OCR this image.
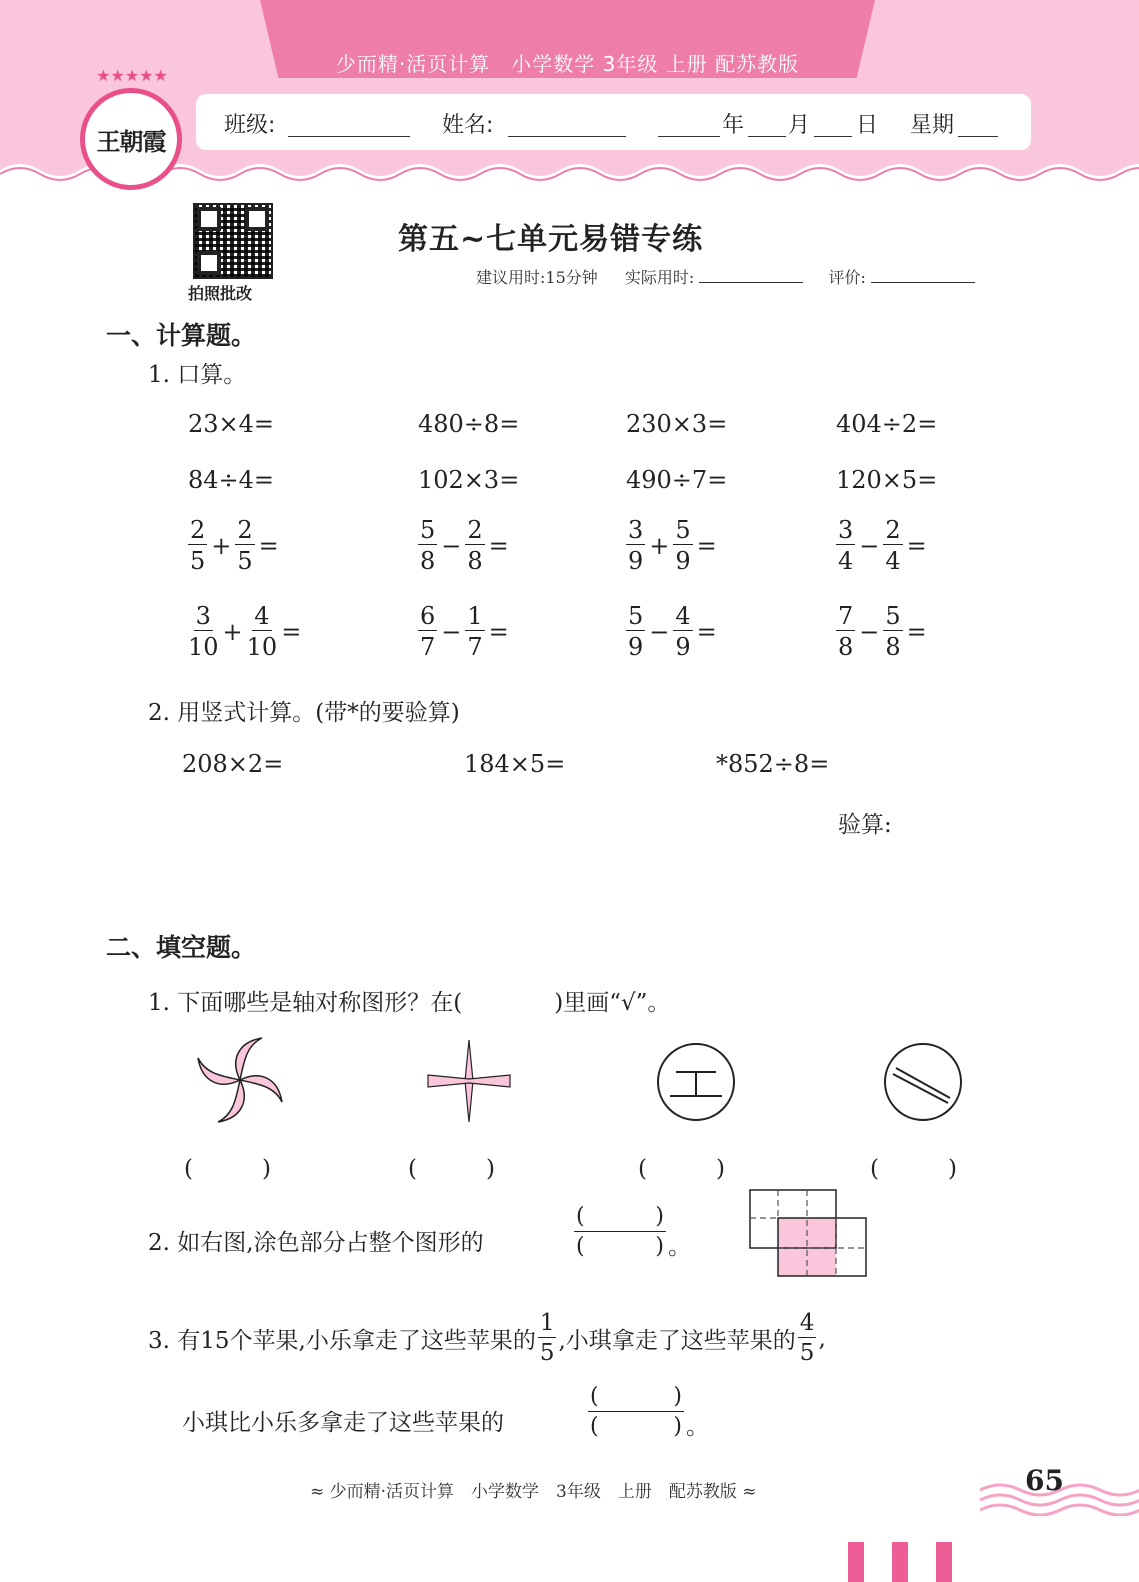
少而精·活页计算　小学数学 3年级 上册 配苏教版
班级:	姓名:	年 月 日 星期
★★★★★
王朝霞
拍照批改
第五~七单元易错专练
建议用时:15分钟 实际用时:	评价:
一、计算题。
1. 口算。
23×4=	480÷8=	230×3=	404÷2=
84÷4=	102×3=	490÷7=	120×5=
$\frac{2}{5} + \frac{2}{5}$ =	$\frac{5}{8} - \frac{2}{8}$ =	$\frac{3}{9} + \frac{5}{9}$ =	$\frac{3}{4} - \frac{2}{4}$ =
$\frac{3}{10} + \frac{4}{10}$ =	$\frac{6}{7} - \frac{1}{7}$ =	$\frac{5}{9} - \frac{4}{9}$ =	$\frac{7}{8} - \frac{5}{8}$ =
2. 用竖式计算。(带*的要验算)
208×2=	184×5=	*852÷8=
验算:
二、填空题。
1. 下面哪些是轴对称图形？在(	)里画“√”。
(　　　)	(　　　)	(　　　)	(　　　)
2. 如右图,涂色部分占整个图形的
(	)
(	) 。
3. 有15个苹果,小乐拿走了这些苹果的 $\frac{1}{5}$ ,小琪拿走了这些苹果的 $\frac{4}{5}$ ,
小琪比小乐多拿走了这些苹果的
(	)
(	) 。
≈ 少而精·活页计算　小学数学　3年级　上册　配苏教版 ≈	65
